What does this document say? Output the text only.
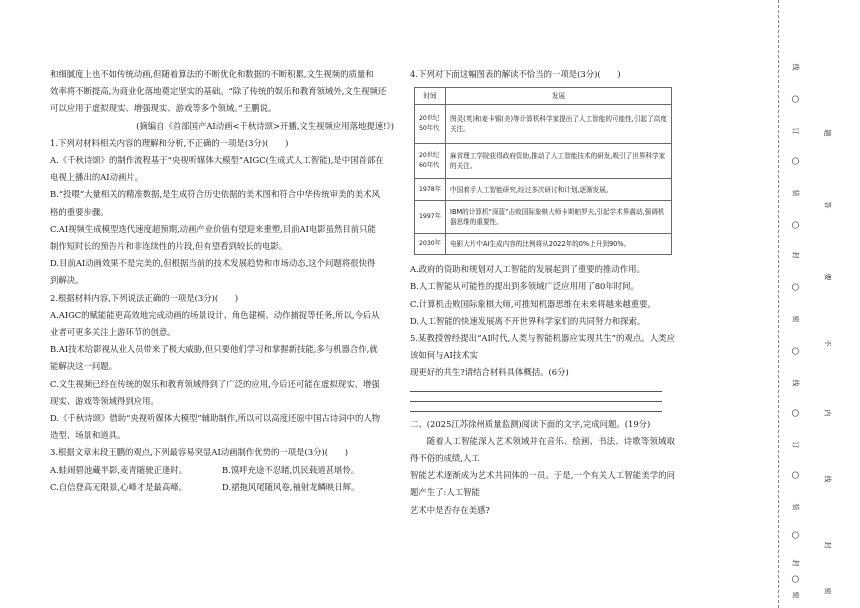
和细腻度上也不如传统动画,但随着算法的不断优化和数据的不断积累,文生视频的质量和

效率将不断提高,为商业化落地奠定坚实的基础。“除了传统的娱乐和教育领域外,文生视频还

可以应用于虚拟现实、增强现实、游戏等多个领域。”王鹏说。

(摘编自《首部国产AI动画<千秋诗颂>开播,文生视频应用落地提速!》)

1.下列对材料相关内容的理解和分析,不正确的一项是(3分)(　　)

A.《千秋诗颂》的制作流程基于“央视听媒体大模型”AIGC(生成式人工智能),是中国首部在

电视上播出的AI动画片。

B.“投喂”大量相关的精准数据,是生成符合历史依据的美术图和符合中华传统审美的美术风

格的重要步骤。

C.AI视频生成模型迭代速度超预期,动画产业价值有望迎来重塑,目前AI电影虽然目前只能

制作短时长的预告片和非连续性的片段,但有望看到较长的电影。

D.目前AI动画效果不是完美的,但根据当前的技术发展趋势和市场动态,这个问题将很快得

到解决。

2.根据材料内容,下列说法正确的一项是(3分)(　　)

A.AIGC的赋能能更高效地完成动画的场景设计、角色建模、动作捕捉等任务,所以,今后从

业者可更多关注上游环节的创意。

B.AI技术给影视从业人员带来了极大威胁,但只要他们学习和掌握新技能,多与机器合作,就

能解决这一问题。

C.文生视频已经在传统的娱乐和教育领域得到了广泛的应用,今后还可能在虚拟现实、增强

现实、游戏等领域得到应用。

D.《千秋诗颂》借助“央视听媒体大模型”辅助制作,所以可以高度还原中国古诗词中的人物

造型、场景和道具。

3.根据文章末段王鹏的观点,下列最容易突显AI动画制作优势的一项是(3分)(　　)

A.蛙闹碧池藏半影,麦青随驶正逢时。	B.馍呼充途不忍睹,饥民载道甚堪怜。

C.自信登高无限景,心峰才是最高峰。	D.裙拖风尾随风卷,袖射龙鳞映日辉。

4.下列对下面这幅图表的解读不恰当的一项是(3分)(　　)

时间	发展
20世纪50年代	图灵(英)和麦卡锡(美)等计算机科学家提出了人工智能的可能性,引起了高度关注。
20世纪60年代	麻省理工学院获得政府资助,推动了人工智能技术的研发,吸引了世界科学家的关注。
1978年	中国着手人工智能研究,经过多次研讨和计划,逐渐发展。
1997年	IBM的计算机“深蓝”击败国际象棋大师卡斯帕罗夫,引起学术界震动,强调机器思维的重要性。
2030年	电影大片中AI生成内容的比例将从2022年的0%上升到90%。

A.政府的资助和规划对人工智能的发展起到了重要的推动作用。

B.人工智能从可能性的提出到多领域广泛应用用了80年时间。

C.计算机击败国际象棋大师,可推知机器思维在未来将越来越重要。

D.人工智能的快速发展离不开世界科学家们的共同努力和探索。

5.某教授曾经提出“AI时代,人类与智能机器应实现共生”的观点。人类应该如何与AI技术实

现更好的共生?请结合材料具体概括。(6分)

二、(2025江苏徐州质量监测)阅读下面的文字,完成问题。(19分)

随着人工智能深入艺术领域并在音乐、绘画、书法、诗歌等领域取得不俗的成绩,人工

智能艺术逐渐成为艺术共同体的一员。于是,一个有关人工智能美学的问题产生了:人工智能

艺术中是否存在美感?

线
○
订
○
装
○
封
○
密
○
线
○
订
○
装
○
封
○
密
题
答
要
不
内
线
封
密
